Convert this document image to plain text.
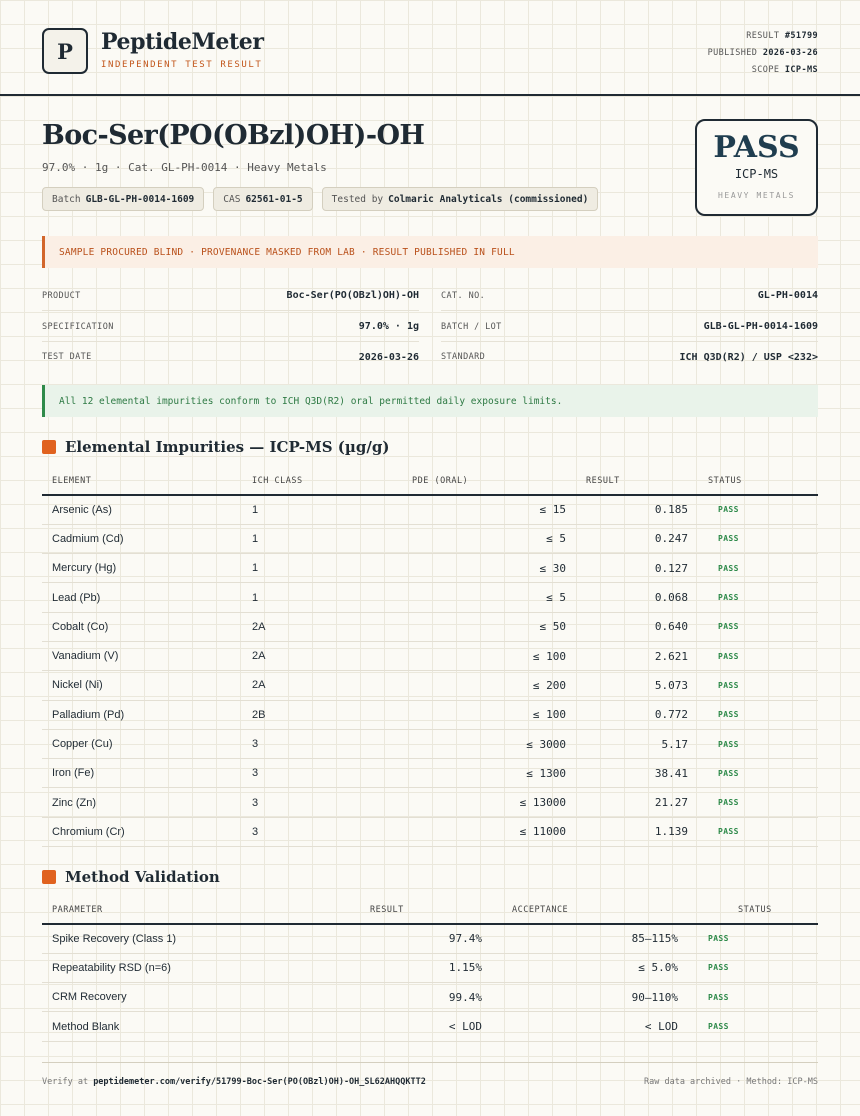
P	PeptideMeter
INDEPENDENT TEST RESULT
RESULT #51799
PUBLISHED 2026-03-26
SCOPE ICP-MS
Boc-Ser(PO(OBzl)OH)-OH
97.0% · 1g · Cat. GL-PH-0014 · Heavy Metals
Batch GLB-GL-PH-0014-1609	CAS 62561-01-5	Tested by Colmaric Analyticals (commissioned)
PASS
ICP-MS
HEAVY METALS
SAMPLE PROCURED BLIND · PROVENANCE MASKED FROM LAB · RESULT PUBLISHED IN FULL
PRODUCT	Boc-Ser(PO(OBzl)OH)-OH	CAT. NO.	GL-PH-0014
SPECIFICATION	97.0% · 1g	BATCH / LOT	GLB-GL-PH-0014-1609
TEST DATE	2026-03-26	STANDARD	ICH Q3D(R2) / USP <232>
All 12 elemental impurities conform to ICH Q3D(R2) oral permitted daily exposure limits.
Elemental Impurities — ICP-MS (µg/g)
ELEMENT	ICH CLASS	PDE (ORAL)	RESULT	STATUS
Arsenic (As)	1	≤ 15	0.185	PASS
Cadmium (Cd)	1	≤ 5	0.247	PASS
Mercury (Hg)	1	≤ 30	0.127	PASS
Lead (Pb)	1	≤ 5	0.068	PASS
Cobalt (Co)	2A	≤ 50	0.640	PASS
Vanadium (V)	2A	≤ 100	2.621	PASS
Nickel (Ni)	2A	≤ 200	5.073	PASS
Palladium (Pd)	2B	≤ 100	0.772	PASS
Copper (Cu)	3	≤ 3000	5.17	PASS
Iron (Fe)	3	≤ 1300	38.41	PASS
Zinc (Zn)	3	≤ 13000	21.27	PASS
Chromium (Cr)	3	≤ 11000	1.139	PASS
Method Validation
PARAMETER	RESULT	ACCEPTANCE	STATUS
Spike Recovery (Class 1)	97.4%	85–115%	PASS
Repeatability RSD (n=6)	1.15%	≤ 5.0%	PASS
CRM Recovery	99.4%	90–110%	PASS
Method Blank	< LOD	< LOD	PASS
Verify at peptidemeter.com/verify/51799-Boc-Ser(PO(OBzl)OH)-OH_SL62AHQQKTT2	Raw data archived · Method: ICP-MS
